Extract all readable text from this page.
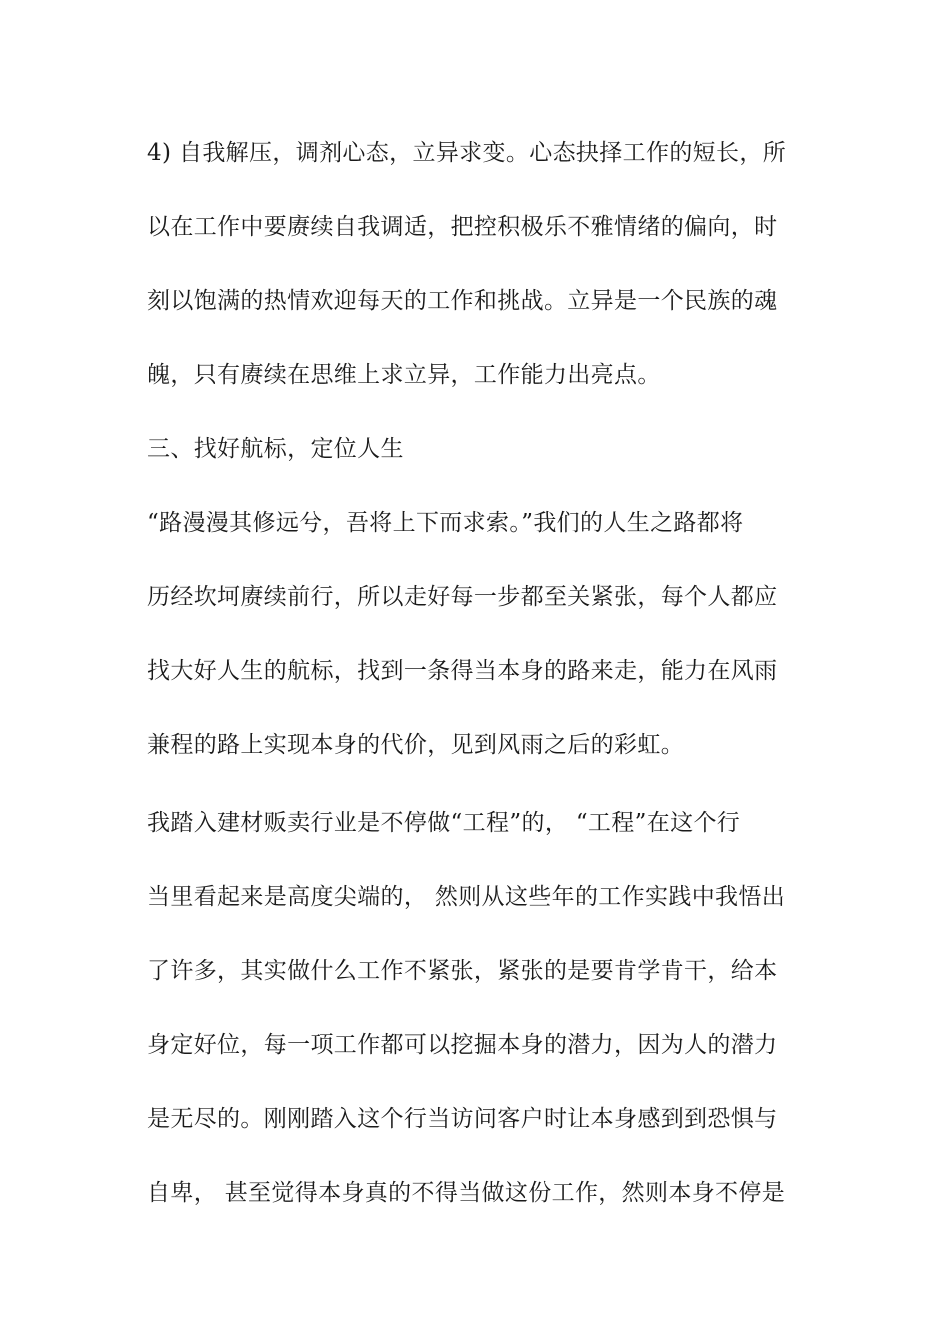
4) 自我解压，调剂心态，立异求变。心态抉择工作的短长，所

以在工作中要赓续自我调适，把控积极乐不雅情绪的偏向，时

刻以饱满的热情欢迎每天的工作和挑战。立异是一个民族的魂

魄，只有赓续在思维上求立异，工作能力出亮点。

三、找好航标，定位人生

“路漫漫其修远兮，吾将上下而求索。”我们的人生之路都将

历经坎坷赓续前行，所以走好每一步都至关紧张，每个人都应

找大好人生的航标，找到一条得当本身的路来走，能力在风雨

兼程的路上实现本身的代价，见到风雨之后的彩虹。

我踏入建材贩卖行业是不停做“工程”的， “工程”在这个行

当里看起来是高度尖端的， 然则从这些年的工作实践中我悟出

了许多，其实做什么工作不紧张，紧张的是要肯学肯干，给本

身定好位，每一项工作都可以挖掘本身的潜力，因为人的潜力

是无尽的。刚刚踏入这个行当访问客户时让本身感到到恐惧与

自卑， 甚至觉得本身真的不得当做这份工作，然则本身不停是
